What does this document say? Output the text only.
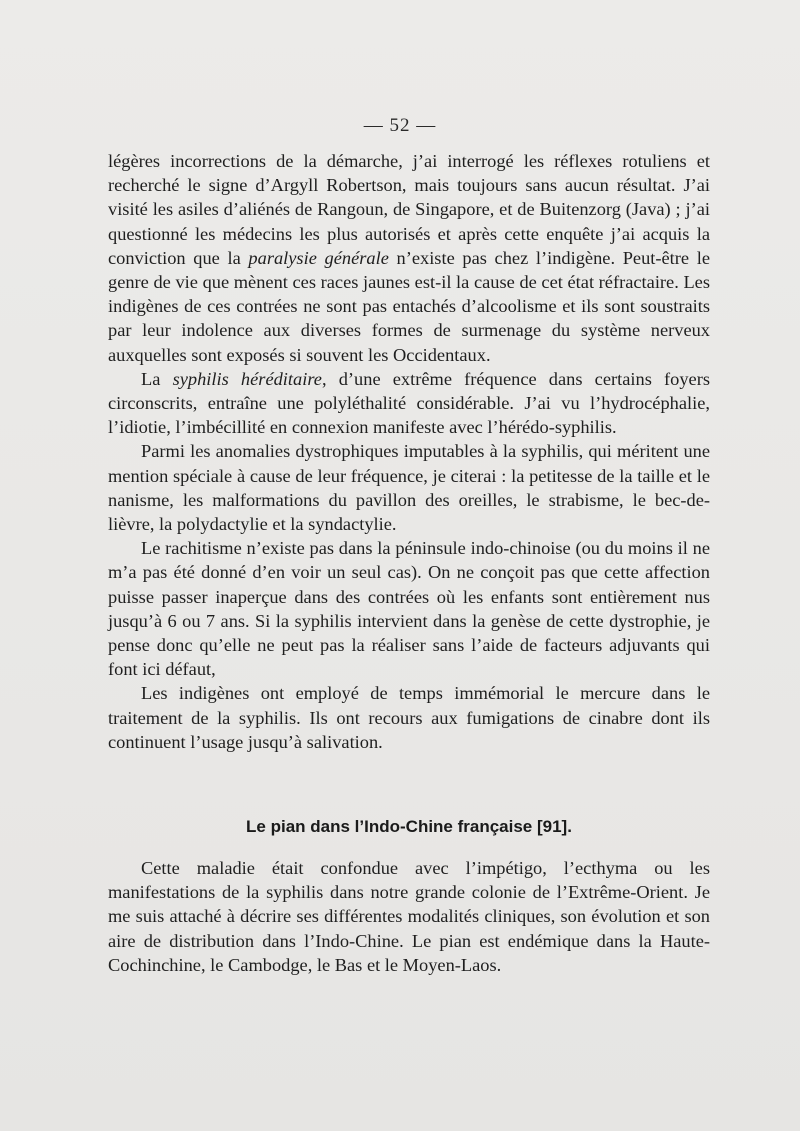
— 52 —

légères incorrections de la démarche, j’ai interrogé les réflexes rotuliens et recherché le signe d’Argyll Robertson, mais toujours sans aucun résultat. J’ai visité les asiles d’aliénés de Rangoun, de Singapore, et de Buitenzorg (Java) ; j’ai questionné les médecins les plus autorisés et après cette enquête j’ai acquis la conviction que la paralysie générale n’existe pas chez l’indigène. Peut-être le genre de vie que mènent ces races jaunes est-il la cause de cet état réfractaire. Les indigènes de ces contrées ne sont pas entachés d’alcoolisme et ils sont soustraits par leur indolence aux diverses formes de surmenage du système nerveux auxquelles sont exposés si souvent les Occidentaux.

La syphilis héréditaire, d’une extrême fréquence dans certains foyers circonscrits, entraîne une polyléthalité considérable. J’ai vu l’hydrocéphalie, l’idiotie, l’imbécillité en connexion manifeste avec l’hérédo-syphilis.

Parmi les anomalies dystrophiques imputables à la syphilis, qui méritent une mention spéciale à cause de leur fréquence, je citerai : la petitesse de la taille et le nanisme, les malformations du pavillon des oreilles, le strabisme, le bec-de-lièvre, la polydactylie et la syndactylie.

Le rachitisme n’existe pas dans la péninsule indo-chinoise (ou du moins il ne m’a pas été donné d’en voir un seul cas). On ne conçoit pas que cette affection puisse passer inaperçue dans des contrées où les enfants sont entièrement nus jusqu’à 6 ou 7 ans. Si la syphilis intervient dans la genèse de cette dystrophie, je pense donc qu’elle ne peut pas la réaliser sans l’aide de facteurs adjuvants qui font ici défaut,

Les indigènes ont employé de temps immémorial le mercure dans le traitement de la syphilis. Ils ont recours aux fumigations de cinabre dont ils continuent l’usage jusqu’à salivation.

Le pian dans l’Indo-Chine française [91].

Cette maladie était confondue avec l’impétigo, l’ecthyma ou les manifestations de la syphilis dans notre grande colonie de l’Extrême-Orient. Je me suis attaché à décrire ses différentes modalités cliniques, son évolution et son aire de distribution dans l’Indo-Chine. Le pian est endémique dans la Haute-Cochinchine, le Cambodge, le Bas et le Moyen-Laos.
